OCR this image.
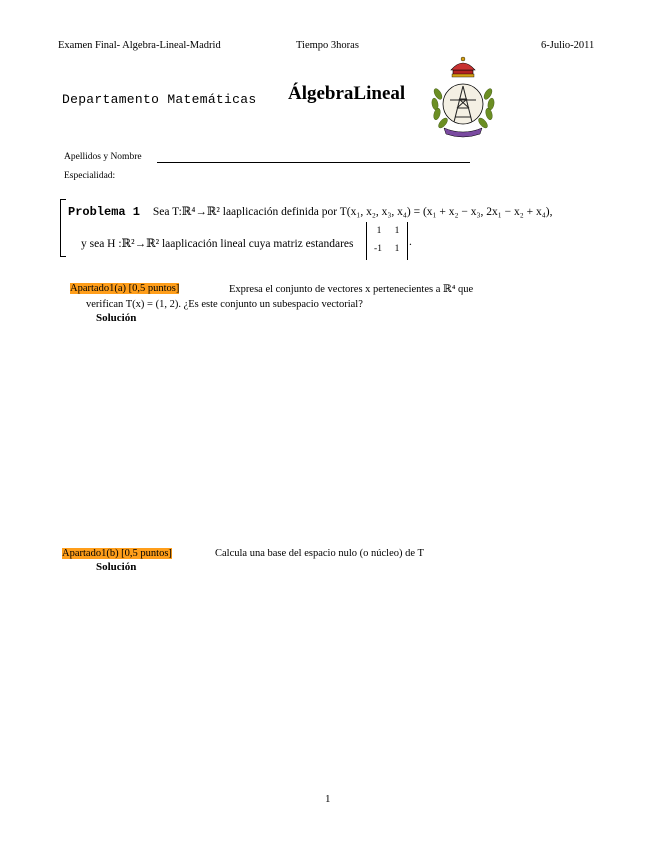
Examen Final- Algebra-Lineal-Madrid	Tiempo 3horas	6-Julio-2011
Departamento Matemáticas ÁlgebraLineal
Apellidos y Nombre
Especialidad:
Problema 1 Sea T:ℝ⁴→ℝ² laaplicación definida por T(x₁, x₂, x₃, x₄) = (x₁ + x₂ − x₃, 2x₁ − x₂ + x₄),
y sea H :ℝ²→ℝ² laaplicación lineal cuya matriz estandares
1	1
-1	1
.
Apartado1(a) [0,5 puntos]	Expresa el conjunto de vectores x pertenecientes a ℝ⁴ que
verifican T(x) = (1, 2). ¿Es este conjunto un subespacio vectorial?
Solución
Apartado1(b) [0,5 puntos]	Calcula una base del espacio nulo (o núcleo) de T
Solución
1
